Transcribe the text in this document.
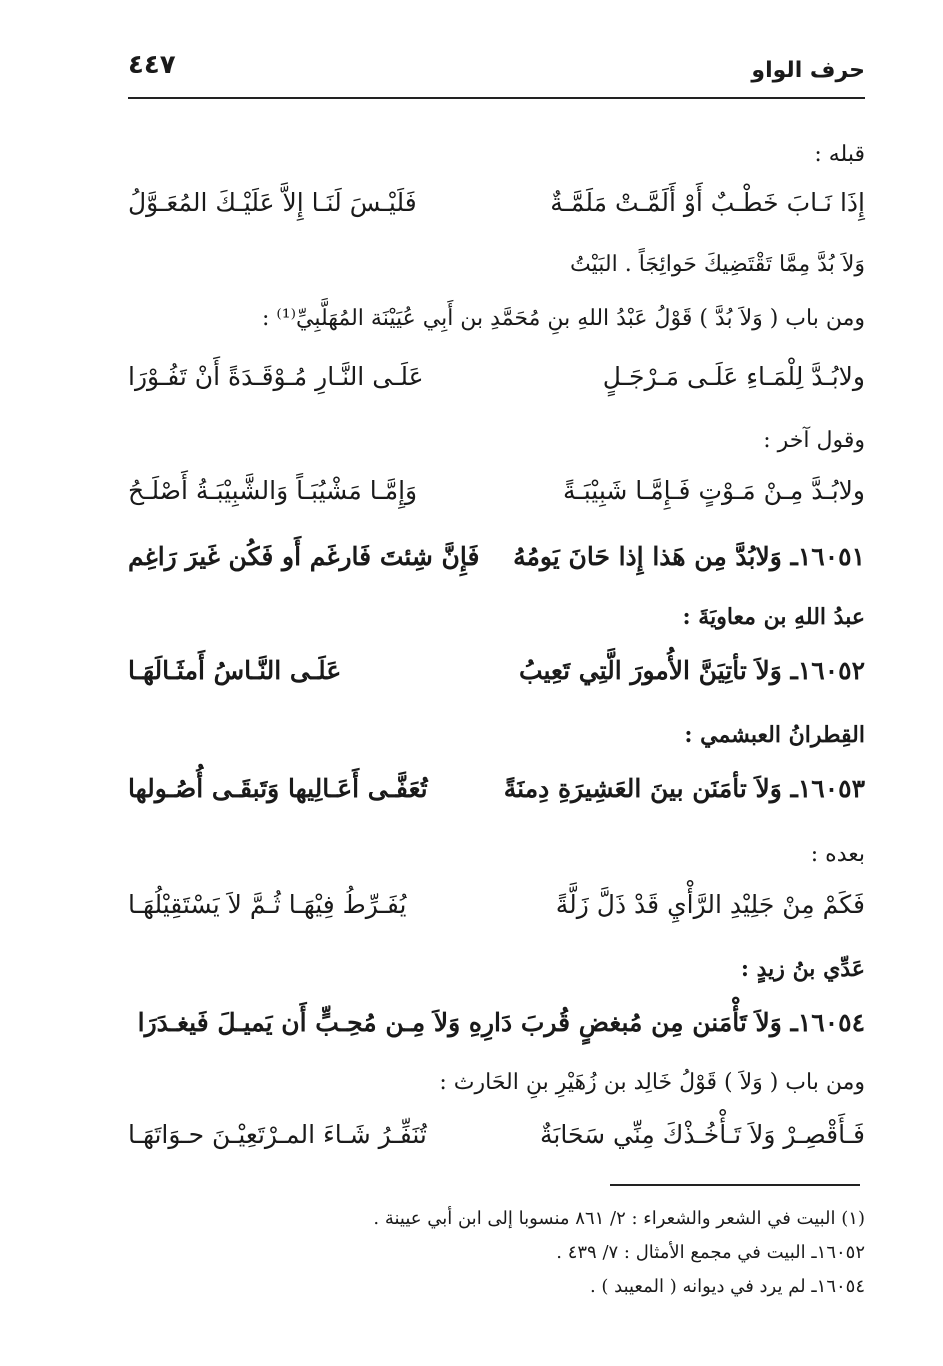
حرف الواو
٤٤٧
قبله :
إِذَا نَـابَ خَطْـبٌ أَوْ أَلَمَّـتْ مَلَمَّـةٌ
فَلَيْـسَ لَنَـا إِلاَّ عَلَيْـكَ المُعَـوَّلُ
وَلاَ بُدَّ مِمَّا تَقْتَضِيكَ حَوائِجَاً . البَيْتُ
ومن باب ( وَلاَ بُدَّ ) قَوْلُ عَبْدُ اللهِ بنِ مُحَمَّدِ بن أَبِي عُيَيْنَة المُهَلَّبِيِّ⁽¹⁾ :
ولابُـدَّ لِلْمَـاءِ عَلَـى مَـرْجَـلٍ
عَلَـى النَّـارِ مُـوْقَـدَةً أَنْ تَفُـوْرَا
وقول آخر :
ولابُـدَّ مِـنْ مَـوْتٍ فَـإِمَّـا شَبِيْبَـةً
وَإِمَّـا مَشْيُبَـاً وَالشَّبِيْبَـةُ أَصْلَـحُ
١٦٠٥١ـ وَلابُدَّ مِن هَذا إِذا حَانَ يَومُهُ
فَإِنَّ شِئتَ فَارغَم أَو فَكُن غَيرَ رَاغِم
عبدُ اللهِ بن معاويَةَ :
١٦٠٥٢ـ وَلاَ تأتِيَنَّ الأُمورَ الَّتِي تَعِيبُ
عَلَـى النَّـاسُ أَمثَـالَهَـا
القِطرانُ العبشمي :
١٦٠٥٣ـ وَلاَ تأمَنَن بينَ العَشِيرَةِ دِمنَةً
تُعَفَّـى أَعَـالِيها وَتَبقَـى أُصُـولها
بعده :
فَكَمْ مِنْ جَلِيْدِ الرَّأْيِ قَدْ ذَلَّ زَلَّةً
يُفَـرِّطُ فِيْهَـا ثُـمَّ لاَ يَسْتَقِيْلُهَـا
عَدِّي بنُ زيدٍ :
١٦٠٥٤ـ وَلاَ تَأْمَنن مِن مُبغضٍ قُربَ دَارِهِ وَلاَ مِـن مُحِـبٍّ أَن يَميـلَ فَيغـدَرَا
ومن باب ( وَلاَ ) قَوْلُ خَالِد بن زُهَيْرِ بنِ الحَارث :
فَـأَقْصِـرْ وَلاَ تَـأْخُـذْكَ مِنِّي سَحَابَةٌ
تُنَفِّـرُ شَـاءَ المـرْتَعِيْـنَ حـوَاتَهَـا
(١) البيت في الشعر والشعراء : ٢/ ٨٦١ منسوبا إلى ابن أبي عيينة .
١٦٠٥٢ـ البيت في مجمع الأمثال : ٧/ ٤٣٩ .
١٦٠٥٤ـ لم يرد في ديوانه ( المعيبد ) .
